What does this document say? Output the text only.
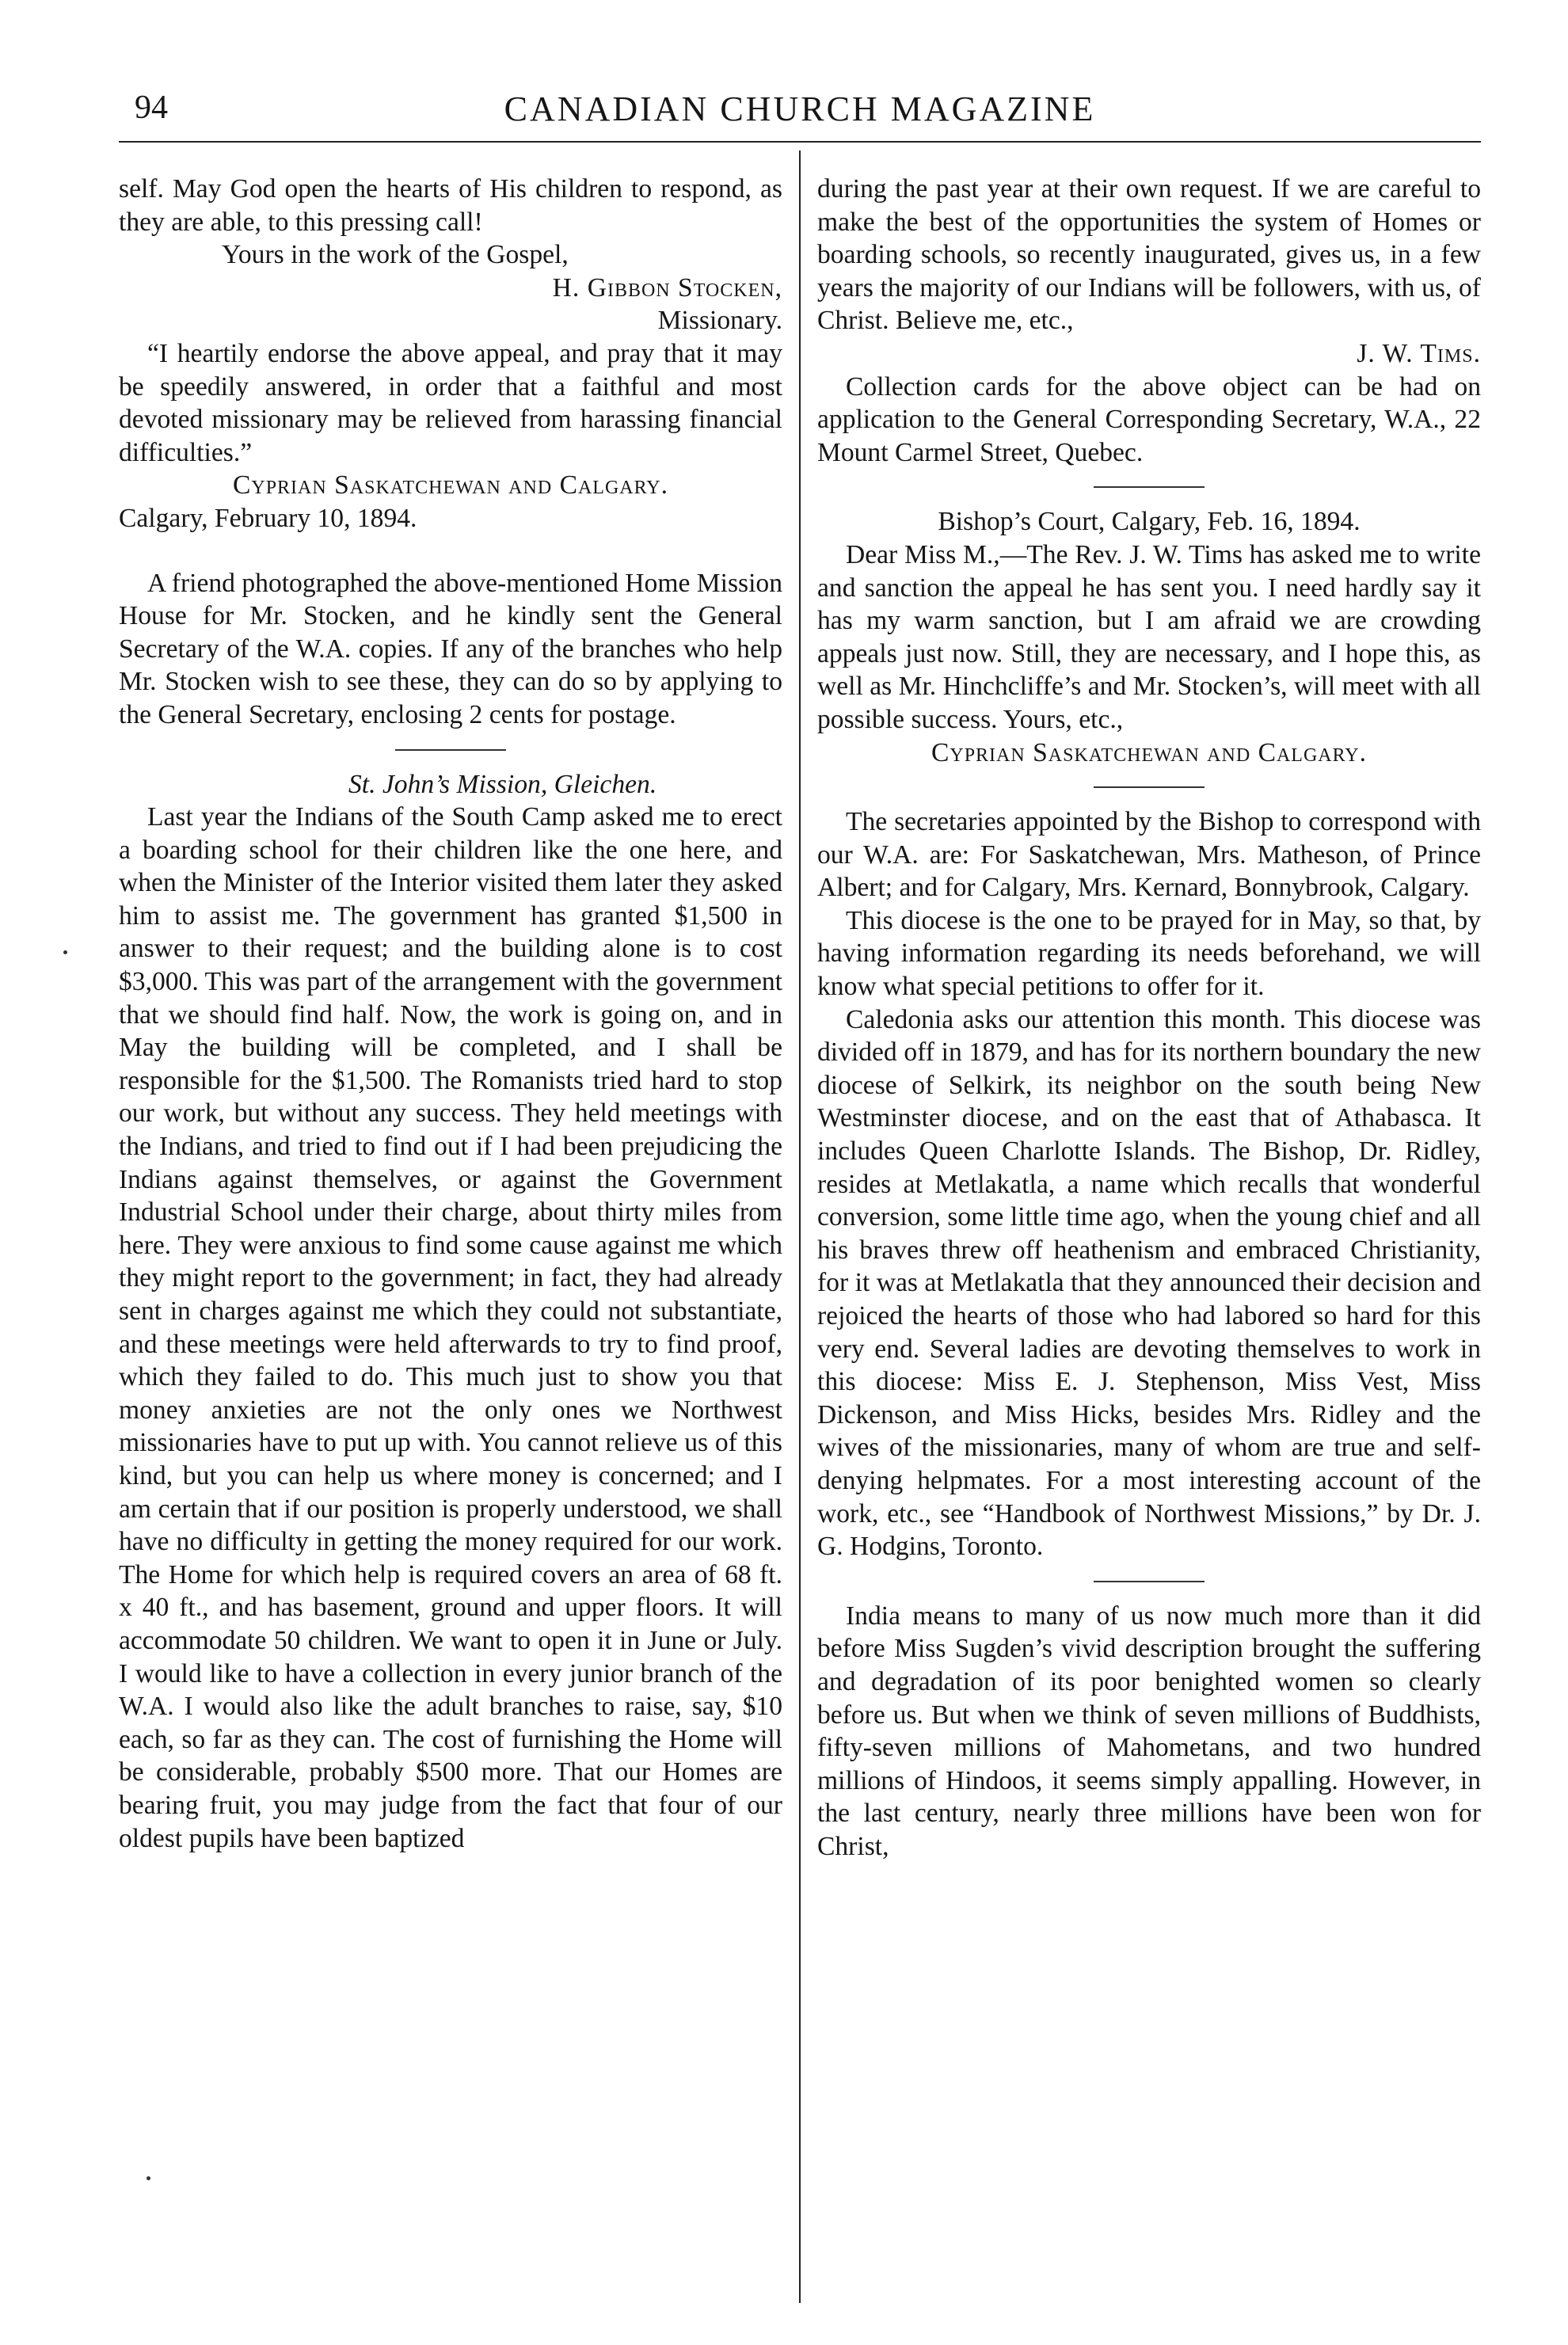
94	CANADIAN CHURCH MAGAZINE

self. May God open the hearts of His children to respond, as they are able, to this pressing call!

Yours in the work of the Gospel,

H. Gibbon Stocken,

Missionary.

“I heartily endorse the above appeal, and pray that it may be speedily answered, in order that a faithful and most devoted missionary may be relieved from harassing financial difficulties.”

Cyprian Saskatchewan and Calgary.

Calgary, February 10, 1894.

A friend photographed the above-mentioned Home Mission House for Mr. Stocken, and he kindly sent the General Secretary of the W.A. copies. If any of the branches who help Mr. Stocken wish to see these, they can do so by applying to the General Secretary, enclosing 2 cents for postage.

St. John’s Mission, Gleichen.

Last year the Indians of the South Camp asked me to erect a boarding school for their children like the one here, and when the Minister of the Interior visited them later they asked him to assist me. The government has granted $1,500 in answer to their request; and the building alone is to cost $3,000. This was part of the arrangement with the government that we should find half. Now, the work is going on, and in May the building will be completed, and I shall be responsible for the $1,500. The Romanists tried hard to stop our work, but without any success. They held meetings with the Indians, and tried to find out if I had been prejudicing the Indians against themselves, or against the Government Industrial School under their charge, about thirty miles from here. They were anxious to find some cause against me which they might report to the government; in fact, they had already sent in charges against me which they could not substantiate, and these meetings were held afterwards to try to find proof, which they failed to do. This much just to show you that money anxieties are not the only ones we Northwest missionaries have to put up with. You cannot relieve us of this kind, but you can help us where money is concerned; and I am certain that if our position is properly understood, we shall have no difficulty in getting the money required for our work. The Home for which help is required covers an area of 68 ft. x 40 ft., and has basement, ground and upper floors. It will accommodate 50 children. We want to open it in June or July. I would like to have a collection in every junior branch of the W.A. I would also like the adult branches to raise, say, $10 each, so far as they can. The cost of furnishing the Home will be considerable, probably $500 more. That our Homes are bearing fruit, you may judge from the fact that four of our oldest pupils have been baptized

during the past year at their own request. If we are careful to make the best of the opportunities the system of Homes or boarding schools, so recently inaugurated, gives us, in a few years the majority of our Indians will be followers, with us, of Christ. Believe me, etc.,

J. W. Tims.

Collection cards for the above object can be had on application to the General Corresponding Secretary, W.A., 22 Mount Carmel Street, Quebec.

Bishop’s Court, Calgary, Feb. 16, 1894.

Dear Miss M.,—The Rev. J. W. Tims has asked me to write and sanction the appeal he has sent you. I need hardly say it has my warm sanction, but I am afraid we are crowding appeals just now. Still, they are necessary, and I hope this, as well as Mr. Hinchcliffe’s and Mr. Stocken’s, will meet with all possible success. Yours, etc.,

Cyprian Saskatchewan and Calgary.

The secretaries appointed by the Bishop to correspond with our W.A. are: For Saskatchewan, Mrs. Matheson, of Prince Albert; and for Calgary, Mrs. Kernard, Bonnybrook, Calgary.

This diocese is the one to be prayed for in May, so that, by having information regarding its needs beforehand, we will know what special petitions to offer for it.

Caledonia asks our attention this month. This diocese was divided off in 1879, and has for its northern boundary the new diocese of Selkirk, its neighbor on the south being New Westminster diocese, and on the east that of Athabasca. It includes Queen Charlotte Islands. The Bishop, Dr. Ridley, resides at Metlakatla, a name which recalls that wonderful conversion, some little time ago, when the young chief and all his braves threw off heathenism and embraced Christianity, for it was at Metlakatla that they announced their decision and rejoiced the hearts of those who had labored so hard for this very end. Several ladies are devoting themselves to work in this diocese: Miss E. J. Stephenson, Miss Vest, Miss Dickenson, and Miss Hicks, besides Mrs. Ridley and the wives of the missionaries, many of whom are true and self-denying helpmates. For a most interesting account of the work, etc., see “Handbook of Northwest Missions,” by Dr. J. G. Hodgins, Toronto.

India means to many of us now much more than it did before Miss Sugden’s vivid description brought the suffering and degradation of its poor benighted women so clearly before us. But when we think of seven millions of Buddhists, fifty-seven millions of Mahometans, and two hundred millions of Hindoos, it seems simply appalling. However, in the last century, nearly three millions have been won for Christ,
